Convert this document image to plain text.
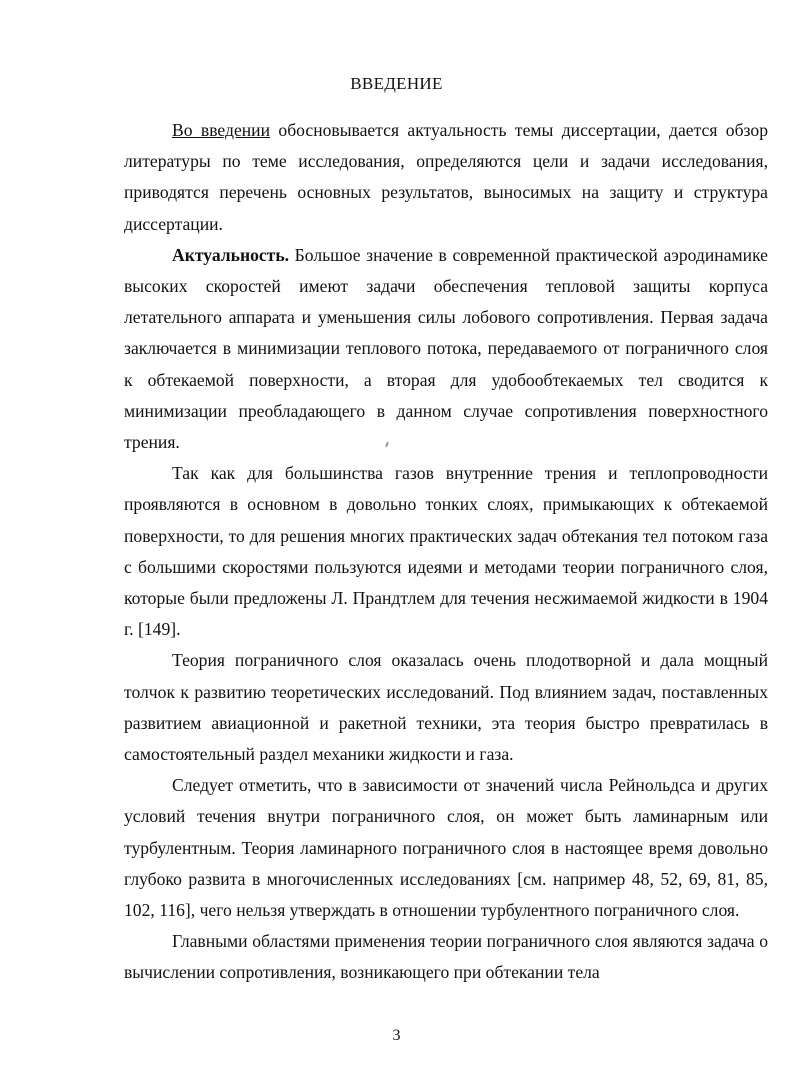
ВВЕДЕНИЕ

Во введении обосновывается актуальность темы диссертации, дается обзор литературы по теме исследования, определяются цели и задачи исследования, приводятся перечень основных результатов, выносимых на защиту и структура диссертации.

Актуальность. Большое значение в современной практической аэродинамике высоких скоростей имеют задачи обеспечения тепловой защиты корпуса летательного аппарата и уменьшения силы лобового сопротивления. Первая задача заключается в минимизации теплового потока, передаваемого от пограничного слоя к обтекаемой поверхности, а вторая для удобообтекаемых тел сводится к минимизации преобладающего в данном случае сопротивления поверхностного трения.

Так как для большинства газов внутренние трения и теплопроводности проявляются в основном в довольно тонких слоях, примыкающих к обтекаемой поверхности, то для решения многих практических задач обтекания тел потоком газа с большими скоростями пользуются идеями и методами теории пограничного слоя, которые были предложены Л. Прандтлем для течения несжимаемой жидкости в 1904 г. [149].

Теория пограничного слоя оказалась очень плодотворной и дала мощный толчок к развитию теоретических исследований. Под влиянием задач, поставленных развитием авиационной и ракетной техники, эта теория быстро превратилась в самостоятельный раздел механики жидкости и газа.

Следует отметить, что в зависимости от значений числа Рейнольдса и других условий течения внутри пограничного слоя, он может быть ламинарным или турбулентным. Теория ламинарного пограничного слоя в настоящее время довольно глубоко развита в многочисленных исследованиях [см. например 48, 52, 69, 81, 85, 102, 116], чего нельзя утверждать в отношении турбулентного пограничного слоя.

Главными областями применения теории пограничного слоя являются задача о вычислении сопротивления, возникающего при обтекании тела

3
